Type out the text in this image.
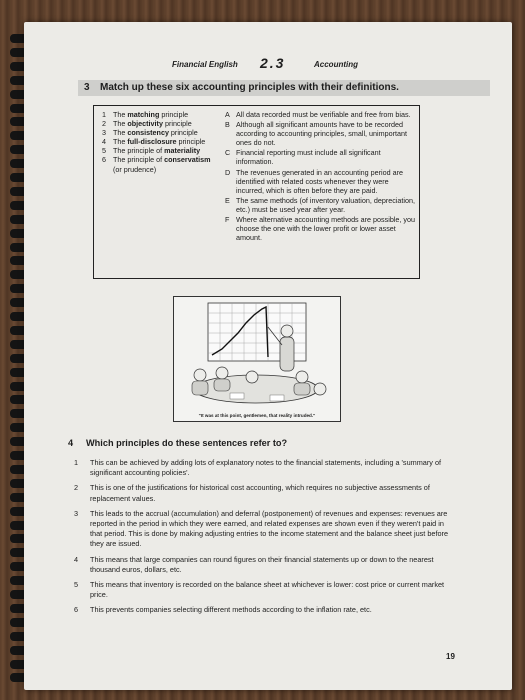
Financial English 2.3	Accounting
3 Match up these six accounting principles with their definitions.
1 The matching principle
2 The objectivity principle
3 The consistency principle
4 The full-disclosure principle
5 The principle of materiality
6 The principle of conservatism
(or prudence)
A All data recorded must be verifiable and free from bias.
B Although all significant amounts have to be recorded according to accounting principles, small, unimportant ones do not.
C Financial reporting must include all significant information.
D The revenues generated in an accounting period are identified with related costs whenever they were incurred, which is often before they are paid.
E The same methods (of inventory valuation, depreciation, etc.) must be used year after year.
F Where alternative accounting methods are possible, you choose the one with the lower profit or lower asset amount.
"It was at this point, gentlemen, that reality intruded."
4 Which principles do these sentences refer to?
1 This can be achieved by adding lots of explanatory notes to the financial statements, including a 'summary of significant accounting policies'.
2 This is one of the justifications for historical cost accounting, which requires no subjective assessments of replacement values.
3 This leads to the accrual (accumulation) and deferral (postponement) of revenues and expenses: revenues are reported in the period in which they were earned, and related expenses are shown even if they weren't paid in that period. This is done by making adjusting entries to the income statement and the balance sheet just before they are issued.
4 This means that large companies can round figures on their financial statements up or down to the nearest thousand euros, dollars, etc.
5 This means that inventory is recorded on the balance sheet at whichever is lower: cost price or current market price.
6 This prevents companies selecting different methods according to the inflation rate, etc.
19
